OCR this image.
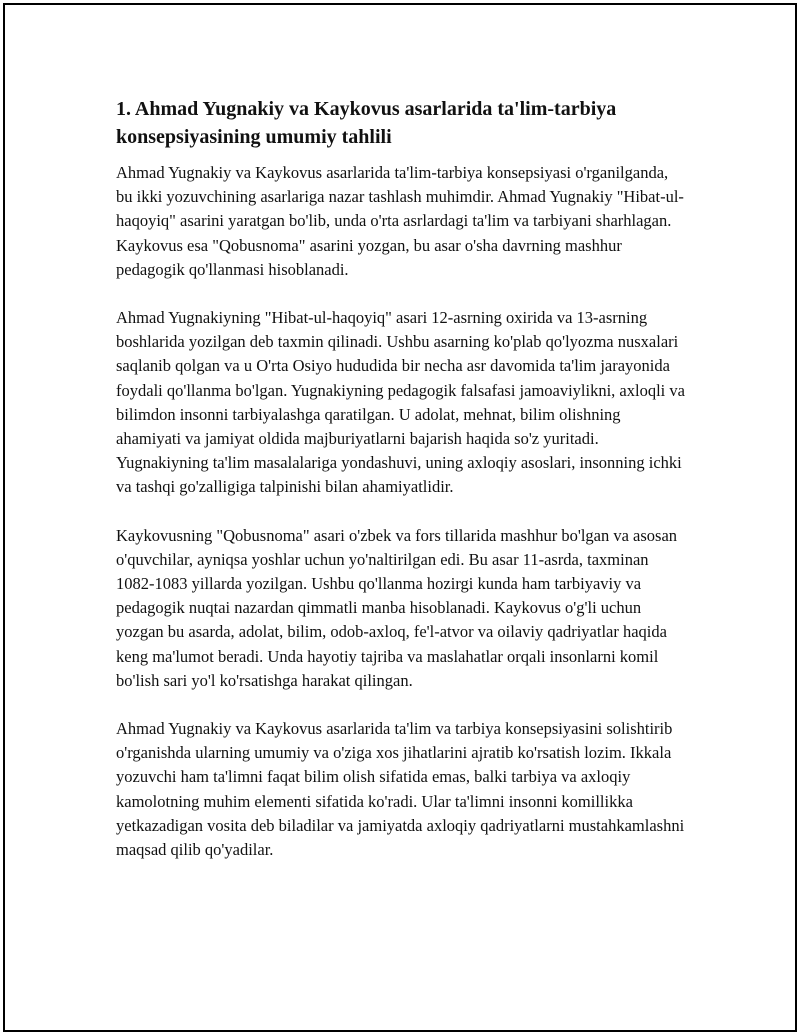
1. Ahmad Yugnakiy va Kaykovus asarlarida ta'lim-tarbiya konsepsiyasining umumiy tahlili

Ahmad Yugnakiy va Kaykovus asarlarida ta'lim-tarbiya konsepsiyasi o'rganilganda, bu ikki yozuvchining asarlariga nazar tashlash muhimdir. Ahmad Yugnakiy "Hibat-ul-haqoyiq" asarini yaratgan bo'lib, unda o'rta asrlardagi ta'lim va tarbiyani sharhlagan. Kaykovus esa "Qobusnoma" asarini yozgan, bu asar o'sha davrning mashhur pedagogik qo'llanmasi hisoblanadi.

Ahmad Yugnakiyning "Hibat-ul-haqoyiq" asari 12-asrning oxirida va 13-asrning boshlarida yozilgan deb taxmin qilinadi. Ushbu asarning ko'plab qo'lyozma nusxalari saqlanib qolgan va u O'rta Osiyo hududida bir necha asr davomida ta'lim jarayonida foydali qo'llanma bo'lgan. Yugnakiyning pedagogik falsafasi jamoaviylikni, axloqli va bilimdon insonni tarbiyalashga qaratilgan. U adolat, mehnat, bilim olishning ahamiyati va jamiyat oldida majburiyatlarni bajarish haqida so'z yuritadi. Yugnakiyning ta'lim masalalariga yondashuvi, uning axloqiy asoslari, insonning ichki va tashqi go'zalligiga talpinishi bilan ahamiyatlidir.

Kaykovusning "Qobusnoma" asari o'zbek va fors tillarida mashhur bo'lgan va asosan o'quvchilar, ayniqsa yoshlar uchun yo'naltirilgan edi. Bu asar 11-asrda, taxminan 1082-1083 yillarda yozilgan. Ushbu qo'llanma hozirgi kunda ham tarbiyaviy va pedagogik nuqtai nazardan qimmatli manba hisoblanadi. Kaykovus o'g'li uchun yozgan bu asarda, adolat, bilim, odob-axloq, fe'l-atvor va oilaviy qadriyatlar haqida keng ma'lumot beradi. Unda hayotiy tajriba va maslahatlar orqali insonlarni komil bo'lish sari yo'l ko'rsatishga harakat qilingan.

Ahmad Yugnakiy va Kaykovus asarlarida ta'lim va tarbiya konsepsiyasini solishtirib o'rganishda ularning umumiy va o'ziga xos jihatlarini ajratib ko'rsatish lozim. Ikkala yozuvchi ham ta'limni faqat bilim olish sifatida emas, balki tarbiya va axloqiy kamolotning muhim elementi sifatida ko'radi. Ular ta'limni insonni komillikka yetkazadigan vosita deb biladilar va jamiyatda axloqiy qadriyatlarni mustahkamlashni maqsad qilib qo'yadilar.
